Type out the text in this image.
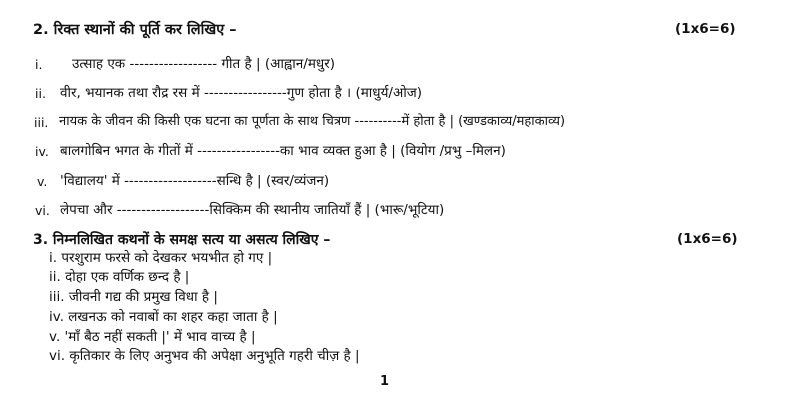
2. रिक्त स्थानों की पूर्ति कर लिखिए –	(1x6=6)
i. उत्साह एक ------------------ गीत है | (आह्वान/मधुर)
ii. वीर, भयानक तथा रौद्र रस में -----------------गुण होता है । (माधुर्य/ओज)
iii. नायक के जीवन की किसी एक घटना का पूर्णता के साथ चित्रण ----------में होता है | (खण्डकाव्य/महाकाव्य)
iv. बालगोबिन भगत के गीतों में -----------------का भाव व्यक्त हुआ है | (वियोग /प्रभु –मिलन)
v. 'विद्यालय' में -------------------सन्धि है | (स्वर/व्यंजन)
vi. लेपचा और -------------------सिक्किम की स्थानीय जातियाँ हैं | (भारू/भूटिया)
3. निम्नलिखित कथनों के समक्ष सत्य या असत्य लिखिए –	(1x6=6)
i. परशुराम फरसे को देखकर भयभीत हो गए |
ii. दोहा एक वर्णिक छन्द है |
iii. जीवनी गद्य की प्रमुख विधा है |
iv. लखनऊ को नवाबों का शहर कहा जाता है |
v. 'माँ बैठ नहीं सकती |' में भाव वाच्य है |
vi. कृतिकार के लिए अनुभव की अपेक्षा अनुभूति गहरी चीज़ है |
1
